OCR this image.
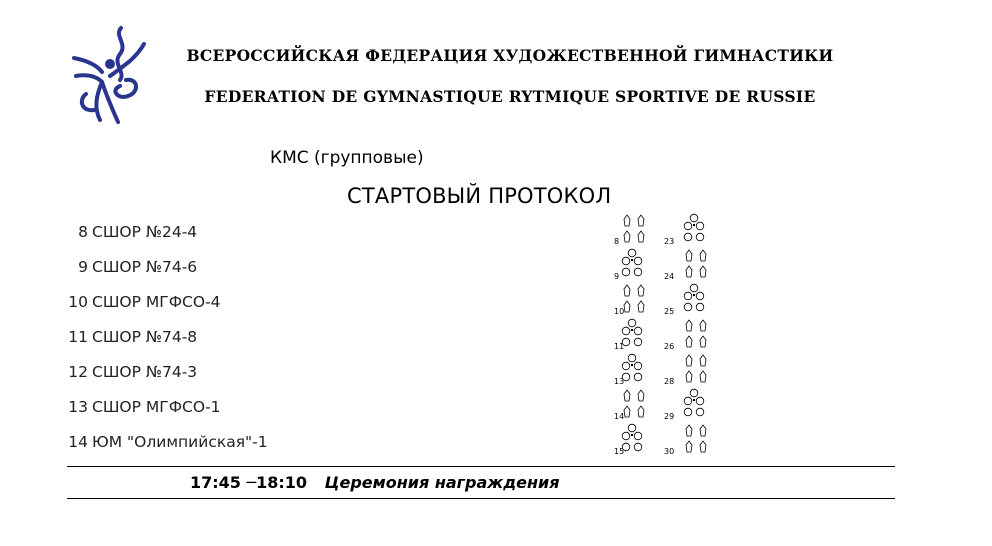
ВСЕРОССИЙСКАЯ ФЕДЕРАЦИЯ ХУДОЖЕСТВЕННОЙ ГИМНАСТИКИ
FEDERATION DE GYMNASTIQUE RYTMIQUE SPORTIVE DE RUSSIE
КМС (групповые)
СТАРТОВЫЙ ПРОТОКОЛ
8 СШОР №24-4
9 СШОР №74-6
10 СШОР МГФСО-4
11 СШОР №74-8
12 СШОР №74-3
13 СШОР МГФСО-1
14 ЮМ "Олимпийская"-1
8	23
9	24
10	25
11	26
13	28
14	29
15	30
17:45 ─18:10 Церемония награждения
